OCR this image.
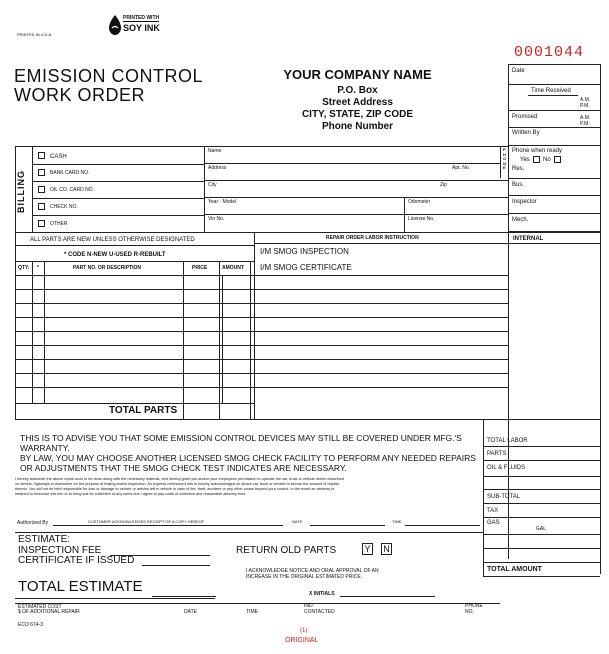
PRINTED IN U.S.A.
PRINTED WITH
SOY INK
0001044
EMISSION CONTROL
WORK ORDER
YOUR COMPANY NAME
P.O. Box
Street Address
CITY, STATE, ZIP CODE
Phone Number
Date
Time Received
A.M.
P.M.
Promised	A.M.
P.M.
Written By
Phone when ready
Yes No
Res.
Bus.
Inspector
Mech.
INTERNAL
BILLING
CASH
BANK CARD NO.
OIL CO. CARD NO.
CHECK NO.
OTHER
Name	P H O N E
Address	Apt. No.
City	Zip
Year - Model	Odometer
Vin No.	License No.
ALL PARTS ARE NEW UNLESS OTHERWISE DESIGNATED	REPAIR ORDER LABOR INSTRUCTION
* CODE N-NEW U-USED R-REBUILT
QTY. *	PART NO. OR DESCRIPTION	PRICE	AMOUNT
I/M SMOG INSPECTION
I/M SMOG CERTIFICATE
TOTAL PARTS
THIS IS TO ADVISE YOU THAT SOME EMISSION CONTROL DEVICES MAY STILL BE COVERED UNDER MFG.'S
WARRANTY.
BY LAW, YOU MAY CHOOSE ANOTHER LICENSED SMOG CHECK FACILITY TO PERFORM ANY NEEDED REPAIRS
OR ADJUSTMENTS THAT THE SMOG CHECK TEST INDICATES ARE NECESSARY.
I hereby authorize the above repair work to be done along with the necessary material, and hereby grant you and/or your employees permission to operate the car, truck or vehicle herein described
on streets, highways or elsewhere for the purpose of testing and/or inspection. An express mechanic's lien is hereby acknowledged on above car, truck or vehicle to secure the amount of repairs
thereto. You will not be held responsible for loss or damage to vehicle or articles left in vehicle in case of fire, theft, accident or any other cause beyond your control. In the event an attorney is
retained to foreclose this lien or to bring suit for collection of any sums due I agree to pay costs of collection and reasonable attorney fees.
TOTAL LABOR
PARTS
OIL & FLUIDS
SUB-TOTAL
TAX
GAS
GAL
TOTAL AMOUNT
Authorized By	CUSTOMER ACKNOWLEDGES RECEIPT OF A COPY HEREOF	DATE	TIME
ESTIMATE:
INSPECTION FEE
CERTIFICATE IF ISSUED
TOTAL ESTIMATE
RETURN OLD PARTS	Y N
I ACKNOWLEDGE NOTICE AND ORAL APPROVAL OF AN
INCREASE IN THE ORIGINAL ESTIMATED PRICE.
X INITIALS
ESTIMATED COST
$ OF ADDITIONAL REPAIR	DATE	TIME
IND.
CONTACTED
PHONE
NO.
ECO 674-3
(1)
ORIGINAL
